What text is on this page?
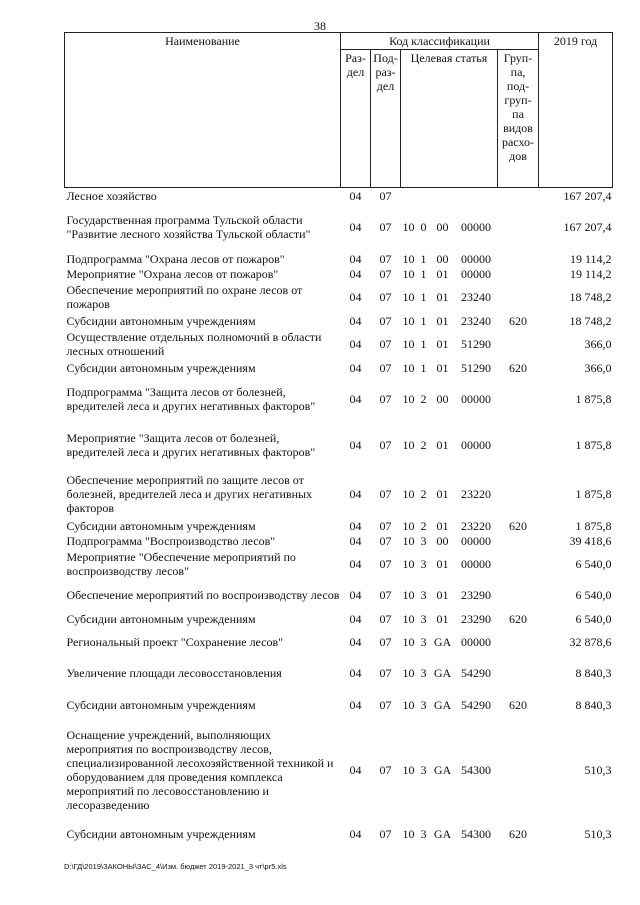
38
Наименование	Код классификации							2019 год
	Раз-дел	Под-раз-дел	Целевая статья				Груп-па, под-груп-па видов расхо-дов	
Лесное хозяйство	04	07						167 207,4
Государственная программа Тульской области "Развитие лесного хозяйства Тульской области"	04	07	10	0	00	00000		167 207,4
Подпрограмма "Охрана лесов от пожаров"	04	07	10	1	00	00000		19 114,2
Мероприятие "Охрана лесов от пожаров"	04	07	10	1	01	00000		19 114,2
Обеспечение мероприятий по охране лесов от пожаров	04	07	10	1	01	23240		18 748,2
Субсидии автономным учреждениям	04	07	10	1	01	23240	620	18 748,2
Осуществление отдельных полномочий в области лесных отношений	04	07	10	1	01	51290		366,0
Субсидии автономным учреждениям	04	07	10	1	01	51290	620	366,0
Подпрограмма "Защита лесов от болезней, вредителей леса и других негативных факторов"	04	07	10	2	00	00000		1 875,8
Мероприятие "Защита лесов от болезней, вредителей леса и других негативных факторов"	04	07	10	2	01	00000		1 875,8
Обеспечение мероприятий по защите лесов от болезней, вредителей леса и других негативных факторов	04	07	10	2	01	23220		1 875,8
Субсидии автономным учреждениям	04	07	10	2	01	23220	620	1 875,8
Подпрограмма "Воспроизводство лесов"	04	07	10	3	00	00000		39 418,6
Мероприятие "Обеспечение мероприятий по воспроизводству лесов"	04	07	10	3	01	00000		6 540,0
Обеспечение мероприятий по воспроизводству лесов	04	07	10	3	01	23290		6 540,0
Субсидии автономным учреждениям	04	07	10	3	01	23290	620	6 540,0
Региональный проект "Сохранение лесов"	04	07	10	3	GA	00000		32 878,6
Увеличение площади лесовосстановления	04	07	10	3	GA	54290		8 840,3
Субсидии автономным учреждениям	04	07	10	3	GA	54290	620	8 840,3
Оснащение учреждений, выполняющих мероприятия по воспроизводству лесов, специализированной лесохозяйственной техникой и оборудованием для проведения комплекса мероприятий по лесовосстановлению и лесоразведению	04	07	10	3	GA	54300		510,3
Субсидии автономным учреждениям	04	07	10	3	GA	54300	620	510,3
D:\ГД\2019\ЗАКОНЫ\ЗАС_4\Изм. бюджет 2019-2021_3 чт\pr5.xls
